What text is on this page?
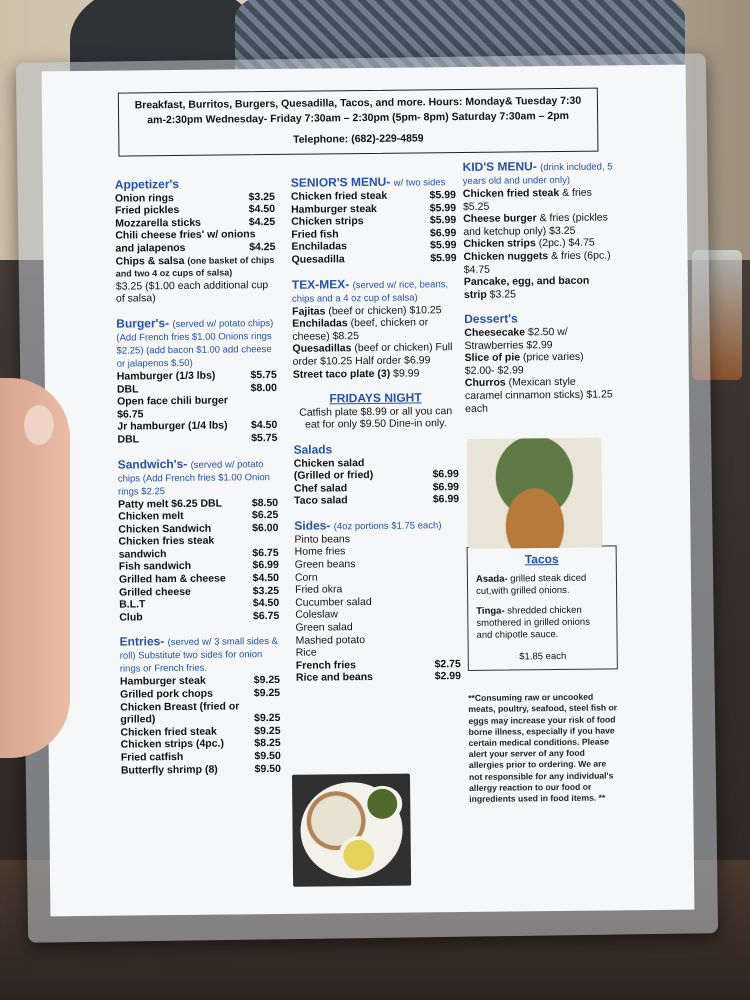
Breakfast, Burritos, Burgers, Quesadilla, Tacos, and more. Hours: Monday& Tuesday 7:30 am-2:30pm Wednesday- Friday 7:30am – 2:30pm (5pm- 8pm) Saturday 7:30am – 2pm
Telephone: (682)-229-4859
Appetizer's
Onion rings	$3.25
Fried pickles	$4.50
Mozzarella sticks	$4.25
Chili cheese fries' w/ onions
and jalapenos	$4.25
Chips & salsa (one basket of chips and two 4 oz cups of salsa)
$3.25 ($1.00 each additional cup of salsa)
Burger's- (served w/ potato chips) (Add French fries $1.00 Onions rings $2.25) (add bacon $1.00 add cheese or jalapenos $.50)
Hamburger (1/3 lbs)	$5.75
DBL	$8.00
Open face chili burger
$6.75
Jr hamburger (1/4 lbs)	$4.50
DBL	$5.75
Sandwich's- (served w/ potato chips (Add French fries $1.00 Onion rings $2.25
Patty melt $6.25 DBL	$8.50
Chicken melt	$6.25
Chicken Sandwich	$6.00
Chicken fries steak
sandwich	$6.75
Fish sandwich	$6.99
Grilled ham & cheese	$4.50
Grilled cheese	$3.25
B.L.T	$4.50
Club	$6.75
Entries- (served w/ 3 small sides & roll) Substitute two sides for onion rings or French fries.
Hamburger steak	$9.25
Grilled pork chops	$9.25
Chicken Breast (fried or
grilled)	$9.25
Chicken fried steak	$9.25
Chicken strips (4pc.)	$8.25
Fried catfish	$9.50
Butterfly shrimp (8)	$9.50
SENIOR'S MENU- w/ two sides
Chicken fried steak	$5.99
Hamburger steak	$5.99
Chicken strips	$5.99
Fried fish	$6.99
Enchiladas	$5.99
Quesadilla	$5.99
TEX-MEX- (served w/ rice, beans, chips and a 4 oz cup of salsa)
Fajitas (beef or chicken) $10.25
Enchiladas (beef, chicken or cheese) $8.25
Quesadillas (beef or chicken) Full order $10.25 Half order $6.99
Street taco plate (3) $9.99
FRIDAYS NIGHT
Catfish plate $8.99 or all you can eat for only $9.50 Dine-in only.
Salads
Chicken salad
(Grilled or fried)	$6.99
Chef salad	$6.99
Taco salad	$6.99
Sides- (4oz portions $1.75 each)
Pinto beans
Home fries
Green beans
Corn
Fried okra
Cucumber salad
Coleslaw
Green salad
Mashed potato
Rice
French fries	$2.75
Rice and beans	$2.99
KID'S MENU- (drink included, 5 years old and under only)
Chicken fried steak & fries $5.25
Cheese burger & fries (pickles and ketchup only) $3.25
Chicken strips (2pc.) $4.75
Chicken nuggets & fries (6pc.) $4.75
Pancake, egg, and bacon strip $3.25
Dessert's
Cheesecake $2.50 w/ Strawberries $2.99
Slice of pie (price varies) $2.00- $2.99
Churros (Mexican style caramel cinnamon sticks) $1.25 each
Tacos
Asada- grilled steak diced cut,with grilled onions.
Tinga- shredded chicken smothered in grilled onions and chipotle sauce.
$1.85 each
**Consuming raw or uncooked meats, poultry, seafood, steel fish or eggs may increase your risk of food borne illness, especially if you have certain medical conditions. Please alert your server of any food allergies prior to ordering. We are not responsible for any individual's allergy reaction to our food or ingredients used in food items. **
